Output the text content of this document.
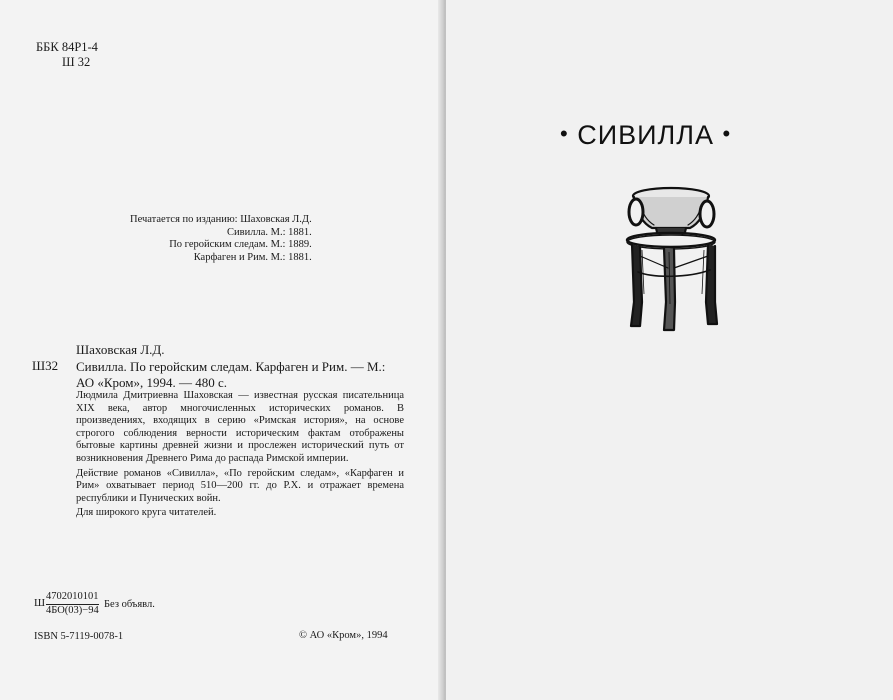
ББК 84Р1-4
Ш 32
Печатается по изданию: Шаховская Л.Д.
Сивилла. М.: 1881.
По геройским следам. М.: 1889.
Карфаген и Рим. М.: 1881.
Шаховская Л.Д.
Ш32 Сивилла. По геройским следам. Карфаген и Рим. — М.:
АО «Кром», 1994. — 480 с.

Людмила Дмитриевна Шаховская — известная русская писательница XIX века, автор многочисленных исторических романов. В произведениях, входящих в серию «Римская история», на основе строгого соблюдения верности историческим фактам отображены бытовые картины древней жизни и прослежен исторический путь от возникновения Древнего Рима до распада Римской империи.

Действие романов «Сивилла», «По геройским следам», «Карфаген и Рим» охватывает период 510—200 гг. до Р.Х. и отражает времена республики и Пунических войн.

Для широкого круга читателей.

Ш
4702010101
4БО(03)−94
Без объявл.
ISBN 5-7119-0078-1	© АО «Кром», 1994
• СИВИЛЛА •
